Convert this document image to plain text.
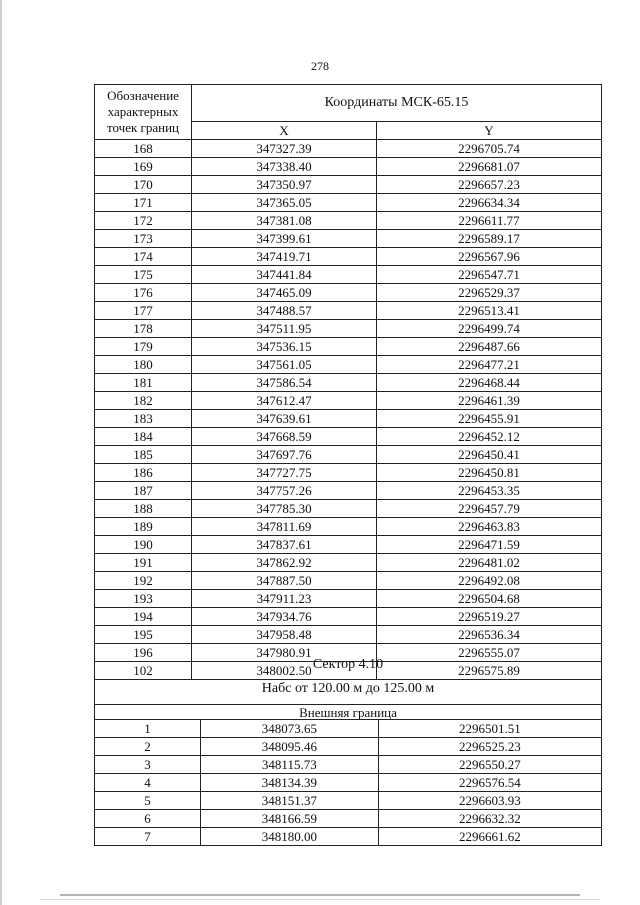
278
Обозначение характерных точек границ	Координаты МСК-65.15	
	X	Y
168	347327.39	2296705.74
169	347338.40	2296681.07
170	347350.97	2296657.23
171	347365.05	2296634.34
172	347381.08	2296611.77
173	347399.61	2296589.17
174	347419.71	2296567.96
175	347441.84	2296547.71
176	347465.09	2296529.37
177	347488.57	2296513.41
178	347511.95	2296499.74
179	347536.15	2296487.66
180	347561.05	2296477.21
181	347586.54	2296468.44
182	347612.47	2296461.39
183	347639.61	2296455.91
184	347668.59	2296452.12
185	347697.76	2296450.41
186	347727.75	2296450.81
187	347757.26	2296453.35
188	347785.30	2296457.79
189	347811.69	2296463.83
190	347837.61	2296471.59
191	347862.92	2296481.02
192	347887.50	2296492.08
193	347911.23	2296504.68
194	347934.76	2296519.27
195	347958.48	2296536.34
196	347980.91	2296555.07
102	348002.50	2296575.89
Сектор 4.10
Набс от 120.00 м до 125.00 м
Внешняя граница		
1	348073.65	2296501.51
2	348095.46	2296525.23
3	348115.73	2296550.27
4	348134.39	2296576.54
5	348151.37	2296603.93
6	348166.59	2296632.32
7	348180.00	2296661.62
